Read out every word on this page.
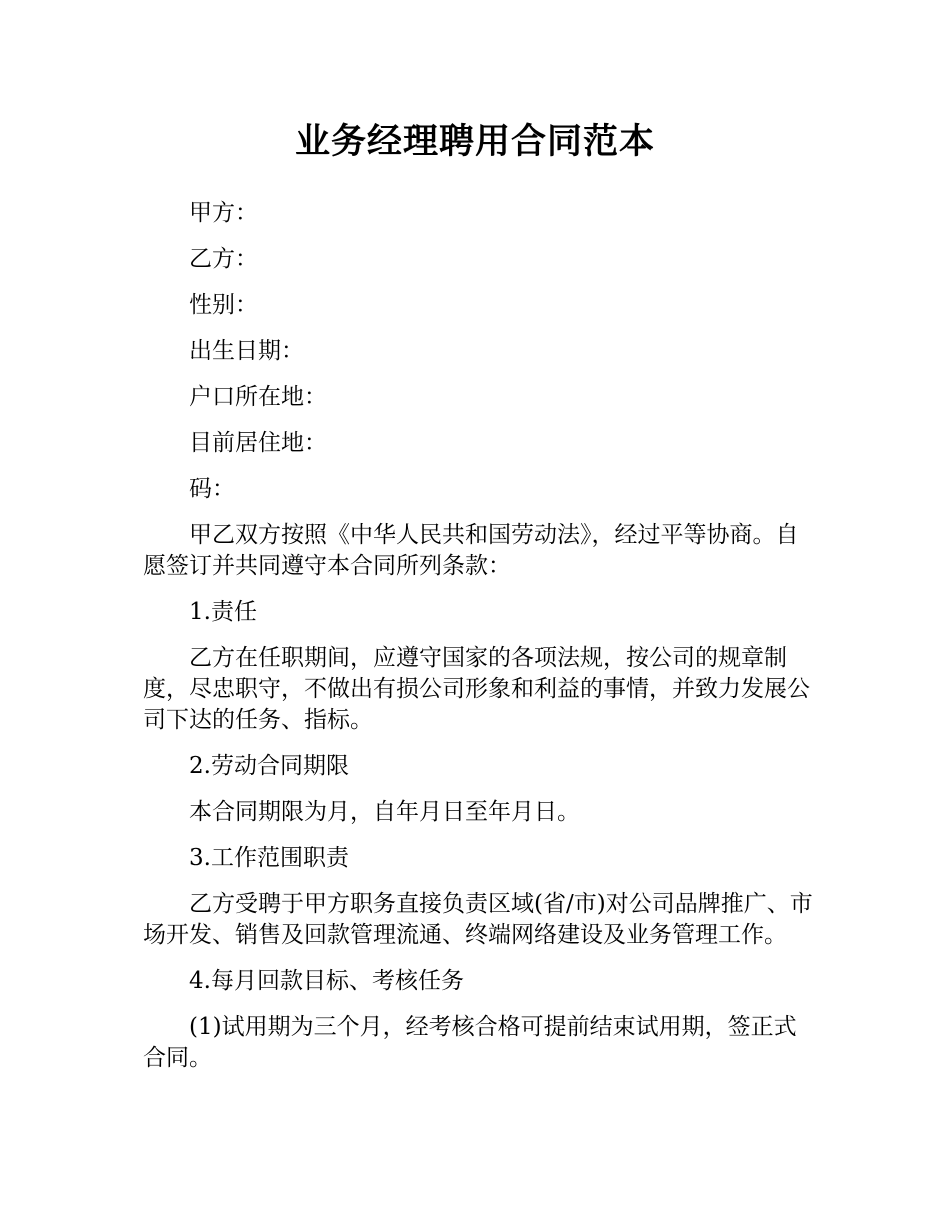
业务经理聘用合同范本

甲方：

乙方：

性别：

出生日期：

户口所在地：

目前居住地：

码：

甲乙双方按照《中华人民共和国劳动法》，经过平等协商。自愿签订并共同遵守本合同所列条款：

1.责任

乙方在任职期间，应遵守国家的各项法规，按公司的规章制度，尽忠职守，不做出有损公司形象和利益的事情，并致力发展公司下达的任务、指标。

2.劳动合同期限

本合同期限为月，自年月日至年月日。

3.工作范围职责

乙方受聘于甲方职务直接负责区域(省/市)对公司品牌推广、市场开发、销售及回款管理流通、终端网络建设及业务管理工作。

4.每月回款目标、考核任务

(1)试用期为三个月，经考核合格可提前结束试用期，签正式合同。
